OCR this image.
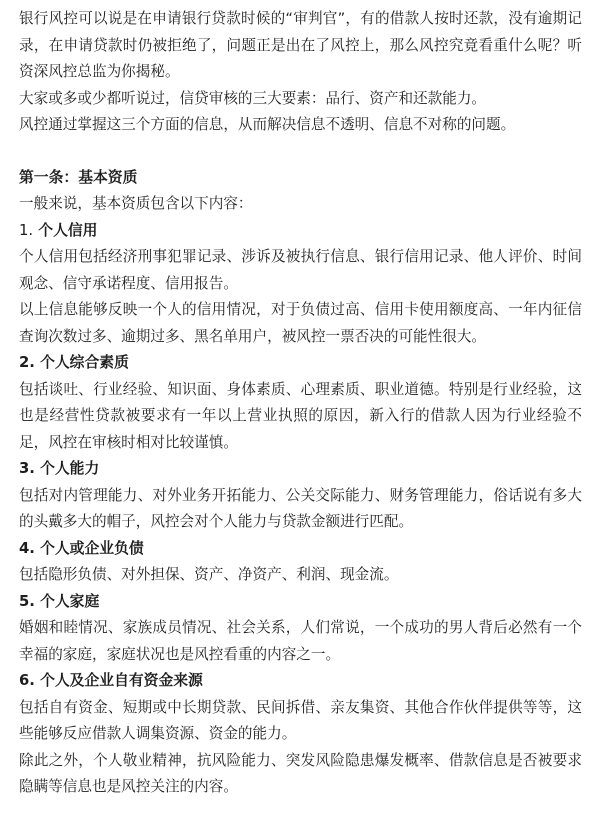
银行风控可以说是在申请银行贷款时候的“审判官”，有的借款人按时还款，没有逾期记录，在申请贷款时仍被拒绝了，问题正是出在了风控上，那么风控究竟看重什么呢？听资深风控总监为你揭秘。

大家或多或少都听说过，信贷审核的三大要素：品行、资产和还款能力。

风控通过掌握这三个方面的信息，从而解决信息不透明、信息不对称的问题。

第一条：基本资质

一般来说，基本资质包含以下内容：

1. 个人信用

个人信用包括经济刑事犯罪记录、涉诉及被执行信息、银行信用记录、他人评价、时间观念、信守承诺程度、信用报告。

以上信息能够反映一个人的信用情况，对于负债过高、信用卡使用额度高、一年内征信查询次数过多、逾期过多、黑名单用户，被风控一票否决的可能性很大。

2. 个人综合素质

包括谈吐、行业经验、知识面、身体素质、心理素质、职业道德。特别是行业经验，这也是经营性贷款被要求有一年以上营业执照的原因，新入行的借款人因为行业经验不足，风控在审核时相对比较谨慎。

3. 个人能力

包括对内管理能力、对外业务开拓能力、公关交际能力、财务管理能力，俗话说有多大的头戴多大的帽子，风控会对个人能力与贷款金额进行匹配。

4. 个人或企业负债

包括隐形负债、对外担保、资产、净资产、利润、现金流。

5. 个人家庭

婚姻和睦情况、家族成员情况、社会关系，人们常说，一个成功的男人背后必然有一个幸福的家庭，家庭状况也是风控看重的内容之一。

6. 个人及企业自有资金来源

包括自有资金、短期或中长期贷款、民间拆借、亲友集资、其他合作伙伴提供等等，这些能够反应借款人调集资源、资金的能力。

除此之外，个人敬业精神，抗风险能力、突发风险隐患爆发概率、借款信息是否被要求隐瞒等信息也是风控关注的内容。
